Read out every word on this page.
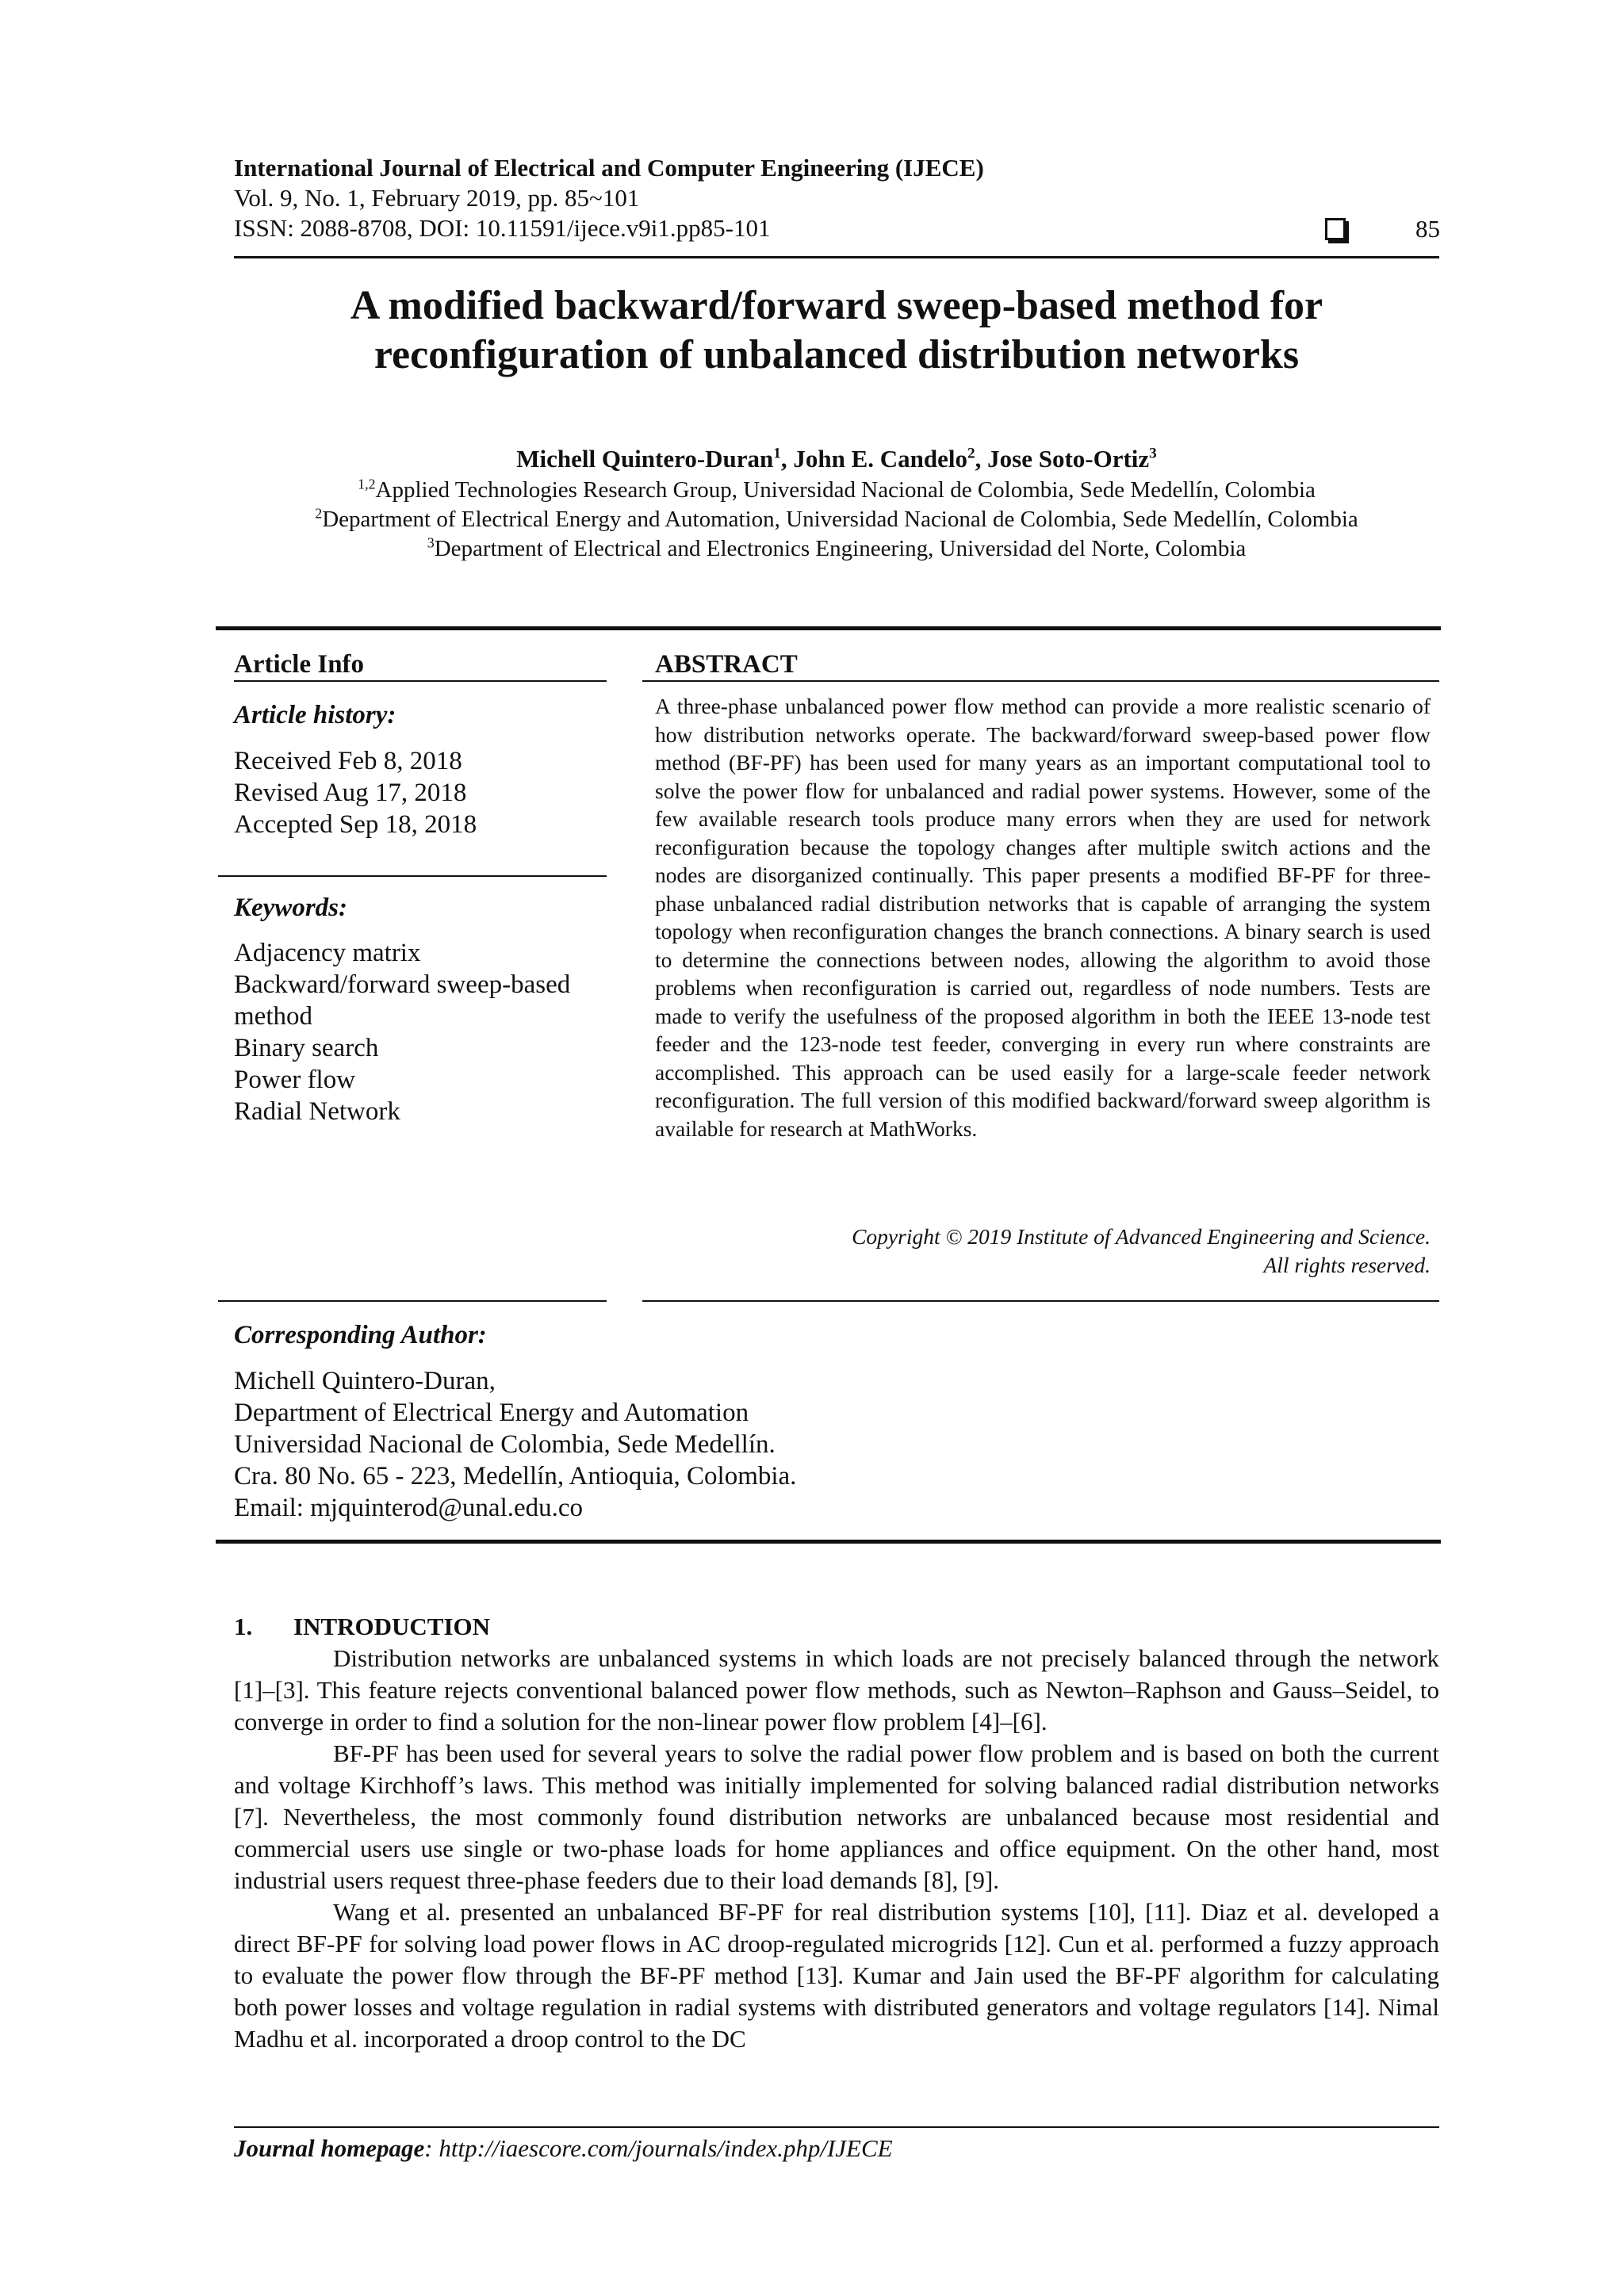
International Journal of Electrical and Computer Engineering (IJECE)
Vol. 9, No. 1, February 2019, pp. 85~101
ISSN: 2088-8708, DOI: 10.11591/ijece.v9i1.pp85-101	85
A modified backward/forward sweep-based method for
reconfiguration of unbalanced distribution networks
Michell Quintero-Duran$^1$, John E. Candelo$^2$, Jose Soto-Ortiz$^3$
$^{1,2}$Applied Technologies Research Group, Universidad Nacional de Colombia, Sede Medellín, Colombia
$^2$Department of Electrical Energy and Automation, Universidad Nacional de Colombia, Sede Medellín, Colombia
$^3$Department of Electrical and Electronics Engineering, Universidad del Norte, Colombia
Article Info
Article history:
Received Feb 8, 2018
Revised Aug 17, 2018
Accepted Sep 18, 2018
Keywords:
Adjacency matrix
Backward/forward sweep-based
method
Binary search
Power flow
Radial Network
ABSTRACT
A three-phase unbalanced power flow method can provide a more realistic scenario of how distribution networks operate. The backward/forward sweep-based power flow method (BF-PF) has been used for many years as an important computational tool to solve the power flow for unbalanced and radial power systems. However, some of the few available research tools produce many errors when they are used for network reconfiguration because the topology changes after multiple switch actions and the nodes are disorganized continually. This paper presents a modified BF-PF for three-phase unbalanced radial distribution networks that is capable of arranging the system topology when reconfiguration changes the branch connections. A binary search is used to determine the connections between nodes, allowing the algorithm to avoid those problems when reconfiguration is carried out, regardless of node numbers. Tests are made to verify the usefulness of the proposed algorithm in both the IEEE 13-node test feeder and the 123-node test feeder, converging in every run where constraints are accomplished. This approach can be used easily for a large-scale feeder network reconfiguration. The full version of this modified backward/forward sweep algorithm is available for research at MathWorks.
Copyright © 2019 Institute of Advanced Engineering and Science.
All rights reserved.
Corresponding Author:
Michell Quintero-Duran,
Department of Electrical Energy and Automation
Universidad Nacional de Colombia, Sede Medellín.
Cra. 80 No. 65 - 223, Medellín, Antioquia, Colombia.
Email: mjquinterod@unal.edu.co
1. INTRODUCTION

Distribution networks are unbalanced systems in which loads are not precisely balanced through the network [1]–[3]. This feature rejects conventional balanced power flow methods, such as Newton–Raphson and Gauss–Seidel, to converge in order to find a solution for the non-linear power flow problem [4]–[6].

BF-PF has been used for several years to solve the radial power flow problem and is based on both the current and voltage Kirchhoff’s laws. This method was initially implemented for solving balanced radial distribution networks [7]. Nevertheless, the most commonly found distribution networks are unbalanced because most residential and commercial users use single or two-phase loads for home appliances and office equipment. On the other hand, most industrial users request three-phase feeders due to their load demands [8], [9].

Wang et al. presented an unbalanced BF-PF for real distribution systems [10], [11]. Diaz et al. developed a direct BF-PF for solving load power flows in AC droop-regulated microgrids [12]. Cun et al. performed a fuzzy approach to evaluate the power flow through the BF-PF method [13]. Kumar and Jain used the BF-PF algorithm for calculating both power losses and voltage regulation in radial systems with distributed generators and voltage regulators [14]. Nimal Madhu et al. incorporated a droop control to the DC

Journal homepage: http://iaescore.com/journals/index.php/IJECE
